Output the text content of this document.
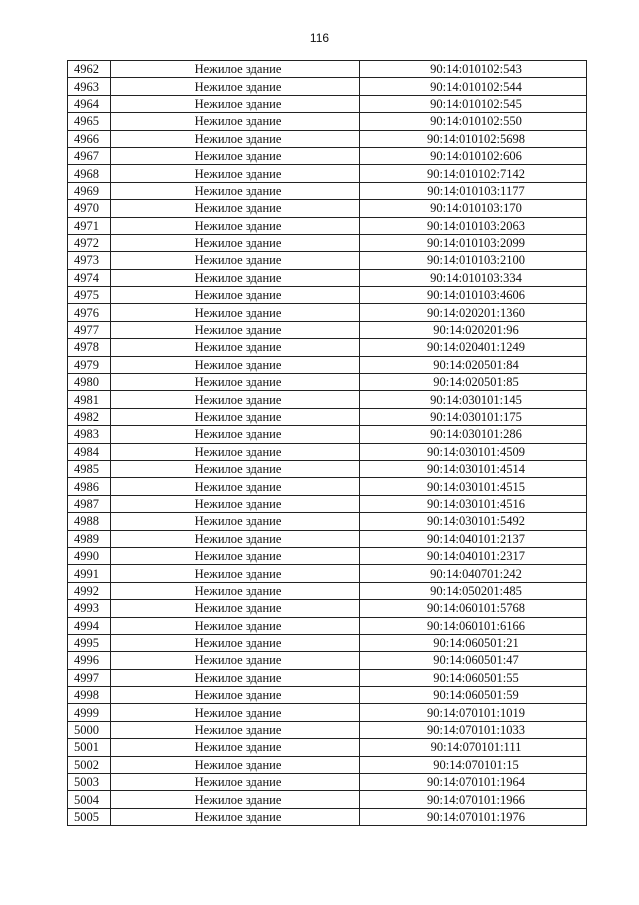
116
4962	Нежилое здание	90:14:010102:543
4963	Нежилое здание	90:14:010102:544
4964	Нежилое здание	90:14:010102:545
4965	Нежилое здание	90:14:010102:550
4966	Нежилое здание	90:14:010102:5698
4967	Нежилое здание	90:14:010102:606
4968	Нежилое здание	90:14:010102:7142
4969	Нежилое здание	90:14:010103:1177
4970	Нежилое здание	90:14:010103:170
4971	Нежилое здание	90:14:010103:2063
4972	Нежилое здание	90:14:010103:2099
4973	Нежилое здание	90:14:010103:2100
4974	Нежилое здание	90:14:010103:334
4975	Нежилое здание	90:14:010103:4606
4976	Нежилое здание	90:14:020201:1360
4977	Нежилое здание	90:14:020201:96
4978	Нежилое здание	90:14:020401:1249
4979	Нежилое здание	90:14:020501:84
4980	Нежилое здание	90:14:020501:85
4981	Нежилое здание	90:14:030101:145
4982	Нежилое здание	90:14:030101:175
4983	Нежилое здание	90:14:030101:286
4984	Нежилое здание	90:14:030101:4509
4985	Нежилое здание	90:14:030101:4514
4986	Нежилое здание	90:14:030101:4515
4987	Нежилое здание	90:14:030101:4516
4988	Нежилое здание	90:14:030101:5492
4989	Нежилое здание	90:14:040101:2137
4990	Нежилое здание	90:14:040101:2317
4991	Нежилое здание	90:14:040701:242
4992	Нежилое здание	90:14:050201:485
4993	Нежилое здание	90:14:060101:5768
4994	Нежилое здание	90:14:060101:6166
4995	Нежилое здание	90:14:060501:21
4996	Нежилое здание	90:14:060501:47
4997	Нежилое здание	90:14:060501:55
4998	Нежилое здание	90:14:060501:59
4999	Нежилое здание	90:14:070101:1019
5000	Нежилое здание	90:14:070101:1033
5001	Нежилое здание	90:14:070101:111
5002	Нежилое здание	90:14:070101:15
5003	Нежилое здание	90:14:070101:1964
5004	Нежилое здание	90:14:070101:1966
5005	Нежилое здание	90:14:070101:1976
